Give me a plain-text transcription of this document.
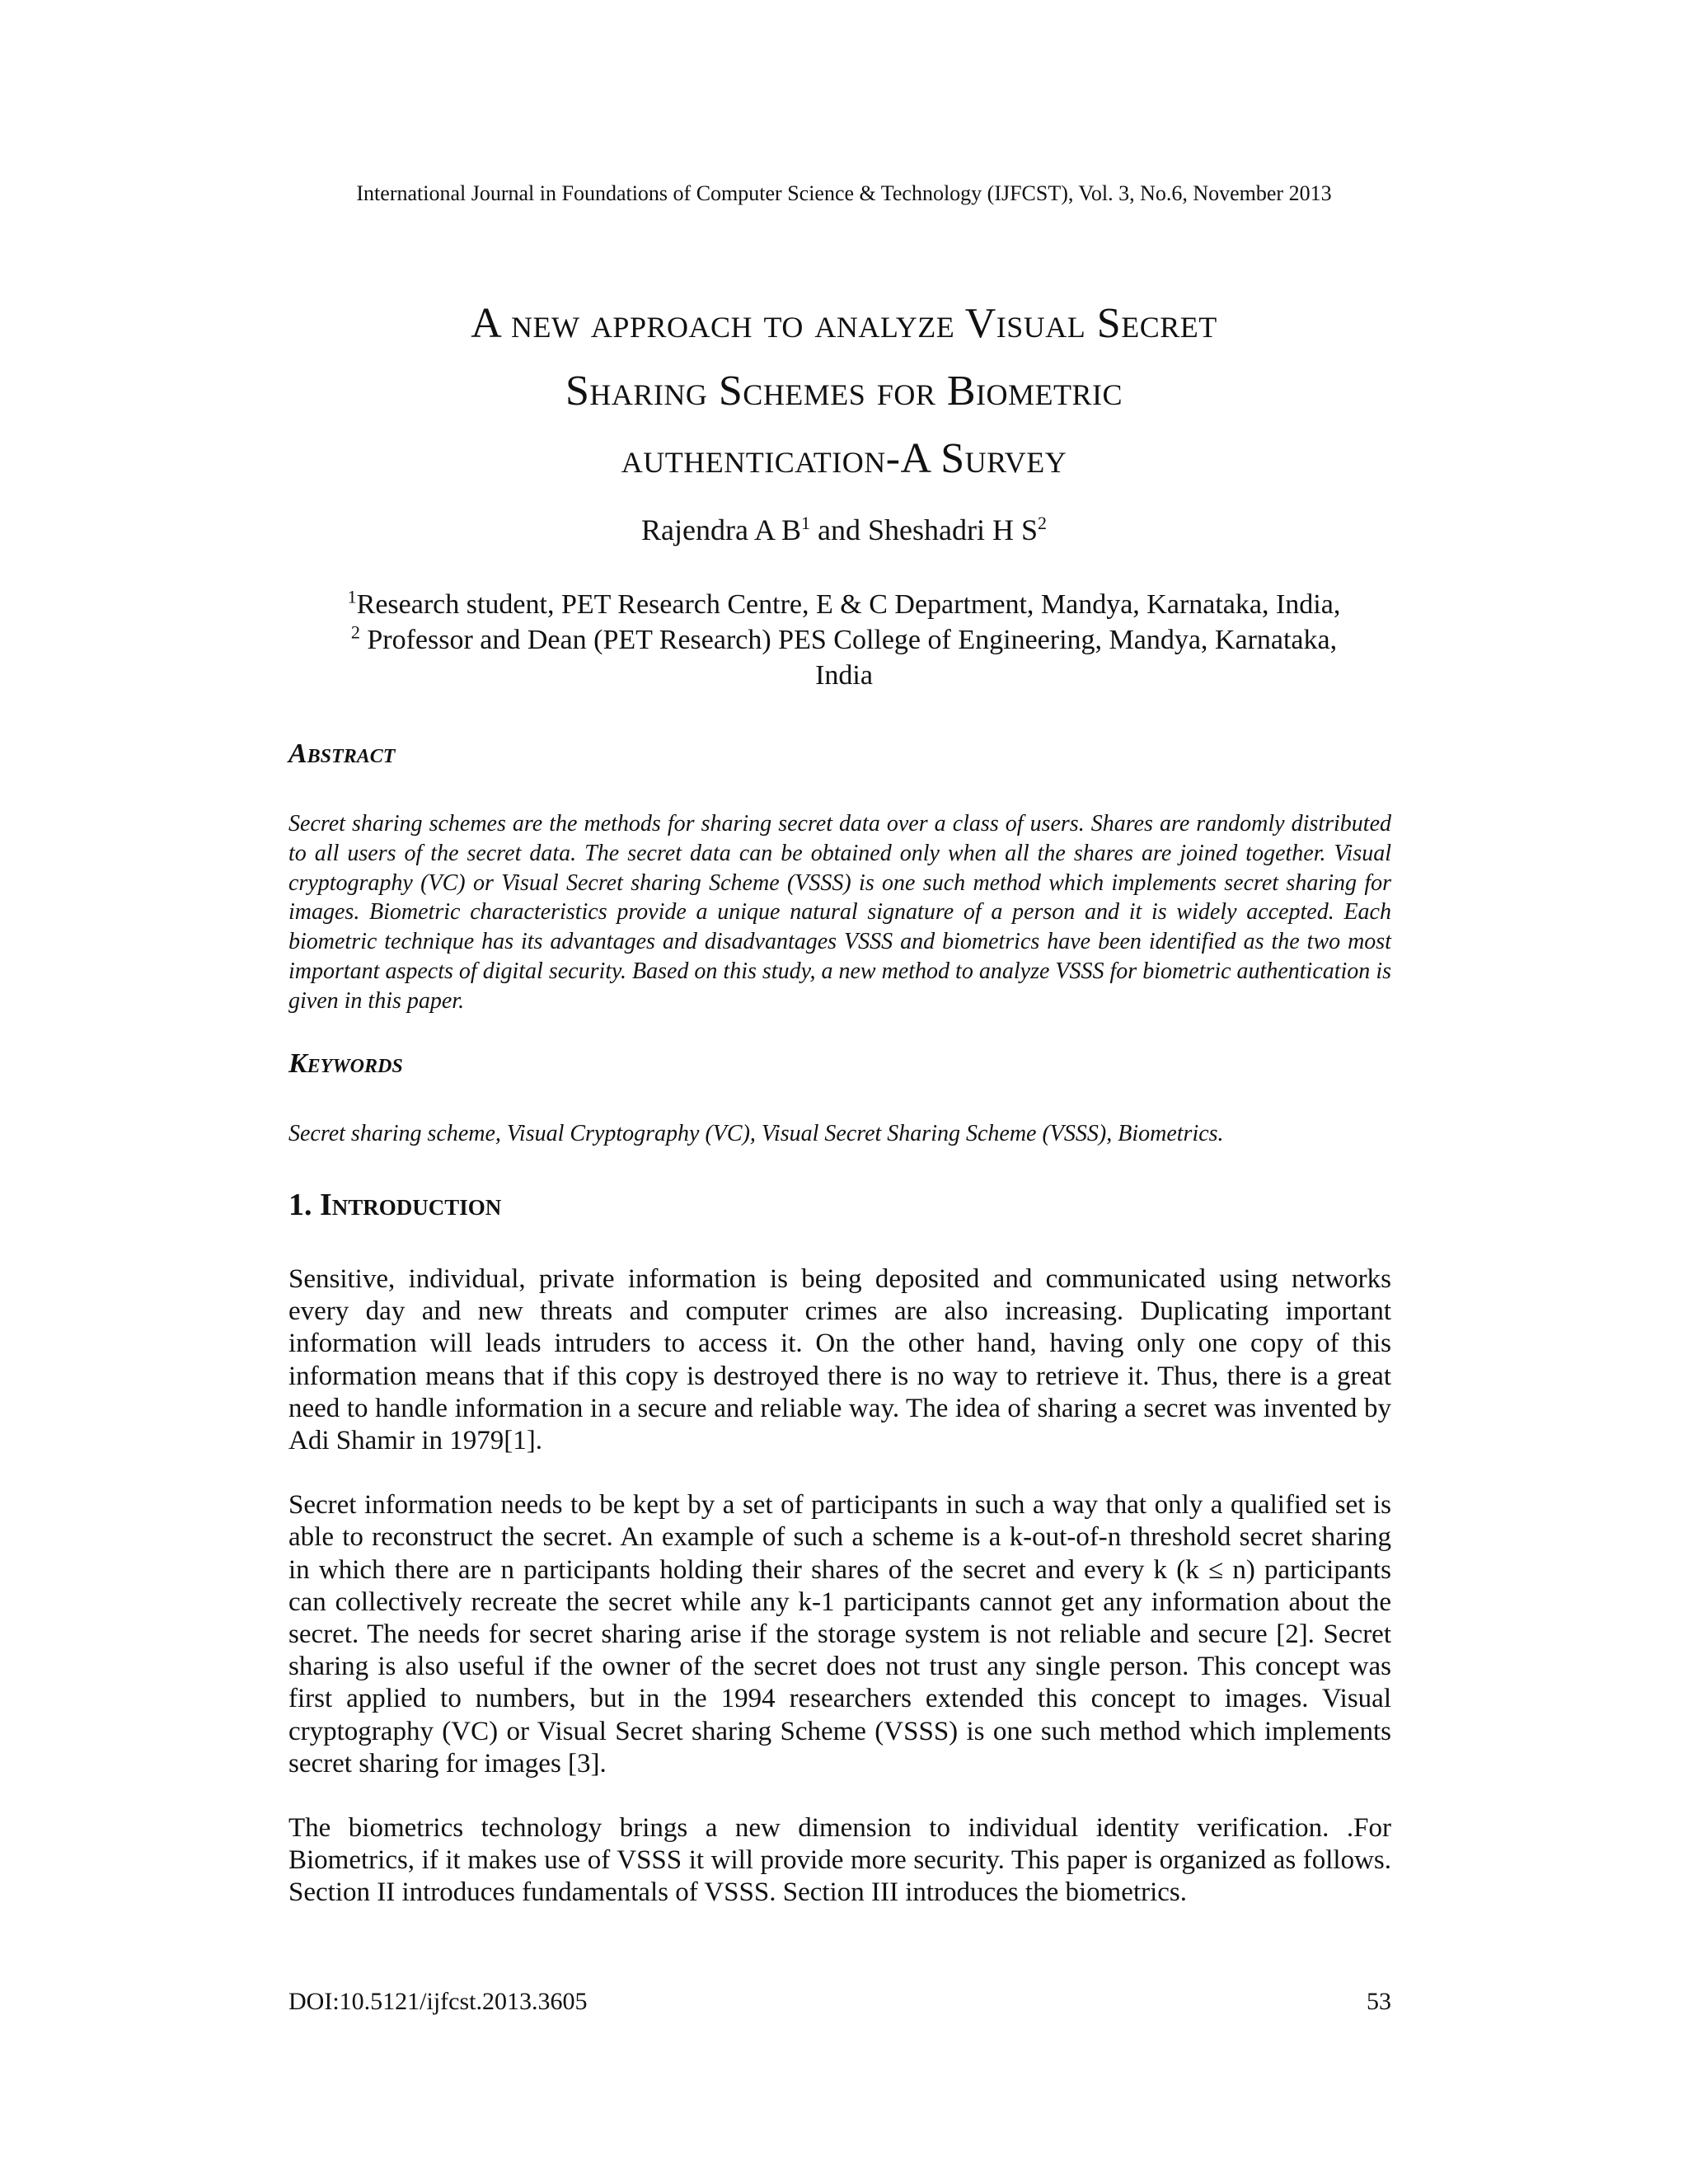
International Journal in Foundations of Computer Science & Technology (IJFCST), Vol. 3, No.6, November 2013
A new approach to analyze Visual Secret
Sharing Schemes for Biometric
authentication-A Survey
Rajendra A $B^1$ and Sheshadri H $S^2$
$^1$Research student, PET Research Centre, E & C Department, Mandya, Karnataka, India,
$^2$ Professor and Dean (PET Research) PES College of Engineering, Mandya, Karnataka,
India
Abstract
Secret sharing schemes are the methods for sharing secret data over a class of users. Shares are randomly distributed to all users of the secret data. The secret data can be obtained only when all the shares are joined together. Visual cryptography (VC) or Visual Secret sharing Scheme (VSSS) is one such method which implements secret sharing for images. Biometric characteristics provide a unique natural signature of a person and it is widely accepted. Each biometric technique has its advantages and disadvantages VSSS and biometrics have been identified as the two most important aspects of digital security. Based on this study, a new method to analyze VSSS for biometric authentication is given in this paper.
Keywords
Secret sharing scheme, Visual Cryptography (VC), Visual Secret Sharing Scheme (VSSS), Biometrics.
1. Introduction

Sensitive, individual, private information is being deposited and communicated using networks every day and new threats and computer crimes are also increasing. Duplicating important information will leads intruders to access it. On the other hand, having only one copy of this information means that if this copy is destroyed there is no way to retrieve it. Thus, there is a great need to handle information in a secure and reliable way. The idea of sharing a secret was invented by Adi Shamir in 1979[1].

Secret information needs to be kept by a set of participants in such a way that only a qualified set is able to reconstruct the secret. An example of such a scheme is a k-out-of-n threshold secret sharing in which there are n participants holding their shares of the secret and every k (k ≤ n) participants can collectively recreate the secret while any k-1 participants cannot get any information about the secret. The needs for secret sharing arise if the storage system is not reliable and secure [2]. Secret sharing is also useful if the owner of the secret does not trust any single person. This concept was first applied to numbers, but in the 1994 researchers extended this concept to images. Visual cryptography (VC) or Visual Secret sharing Scheme (VSSS) is one such method which implements secret sharing for images [3].

The biometrics technology brings a new dimension to individual identity verification. .For Biometrics, if it makes use of VSSS it will provide more security. This paper is organized as follows. Section II introduces fundamentals of VSSS. Section III introduces the biometrics.

DOI:10.5121/ijfcst.2013.3605	53
